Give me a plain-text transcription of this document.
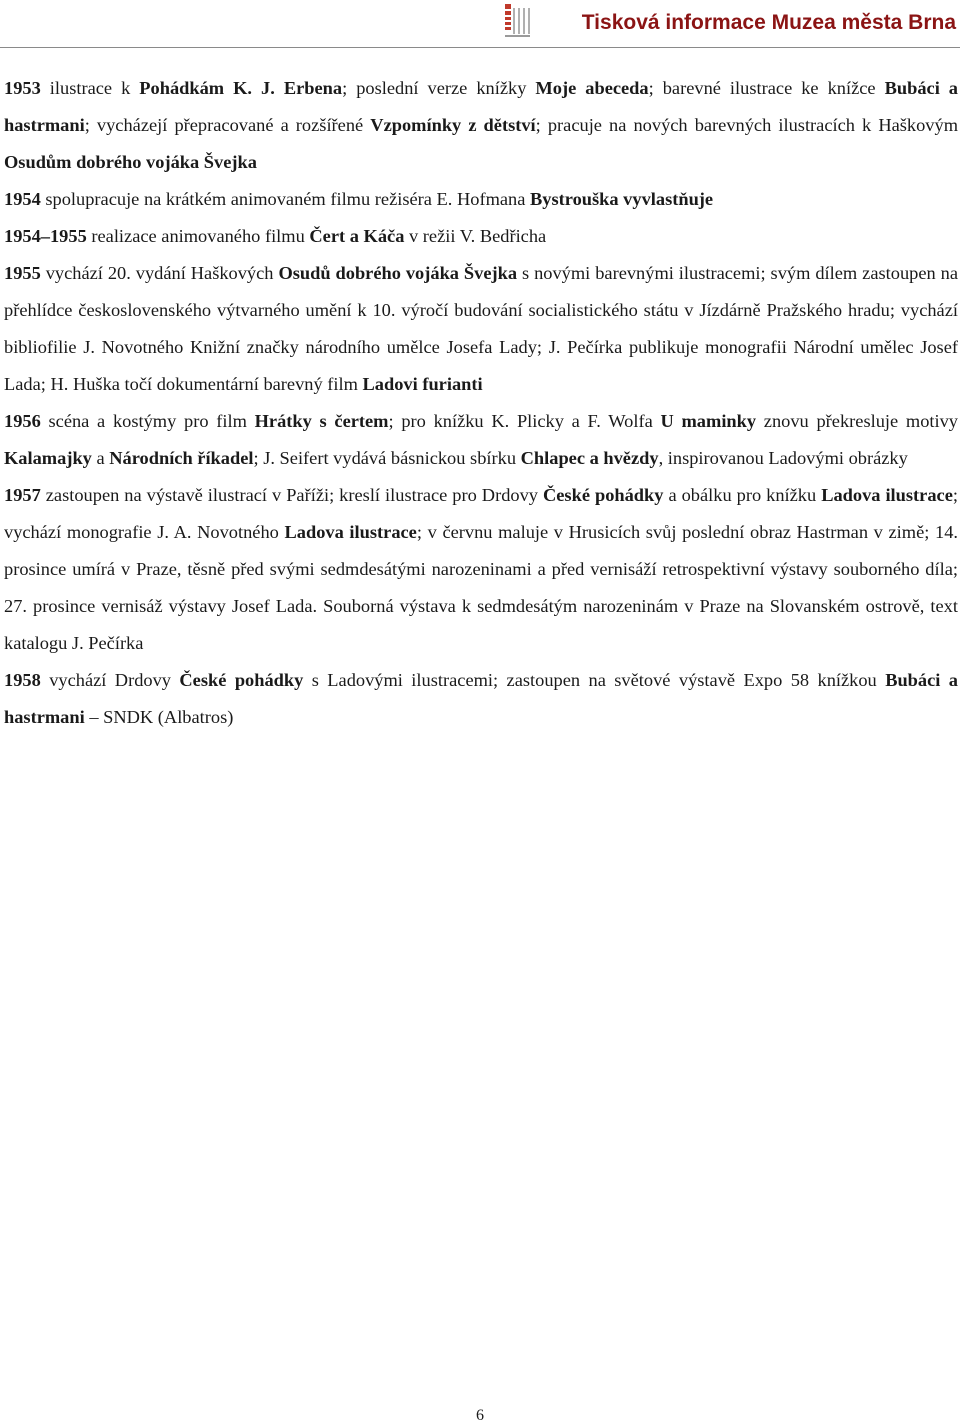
Tisková informace Muzea města Brna

1953 ilustrace k Pohádkám K. J. Erbena; poslední verze knížky Moje abeceda; barevné ilustrace ke knížce Bubáci a hastrmani; vycházejí přepracované a rozšířené Vzpomínky z dětství; pracuje na nových barevných ilustracích k Haškovým Osudům dobrého vojáka Švejka

1954 spolupracuje na krátkém animovaném filmu režiséra E. Hofmana Bystrouška vyvlastňuje

1954–1955 realizace animovaného filmu Čert a Káča v režii V. Bedřicha

1955 vychází 20. vydání Haškových Osudů dobrého vojáka Švejka s novými barevnými ilustracemi; svým dílem zastoupen na přehlídce československého výtvarného umění k 10. výročí budování socialistického státu v Jízdárně Pražského hradu; vychází bibliofilie J. Novotného Knižní značky národního umělce Josefa Lady; J. Pečírka publikuje monografii Národní umělec Josef Lada; H. Huška točí dokumentární barevný film Ladovi furianti

1956 scéna a kostýmy pro film Hrátky s čertem; pro knížku K. Plicky a F. Wolfa U maminky znovu překresluje motivy Kalamajky a Národních říkadel; J. Seifert vydává básnickou sbírku Chlapec a hvězdy, inspirovanou Ladovými obrázky

1957 zastoupen na výstavě ilustrací v Paříži; kreslí ilustrace pro Drdovy České pohádky a obálku pro knížku Ladova ilustrace; vychází monografie J. A. Novotného Ladova ilustrace; v červnu maluje v Hrusicích svůj poslední obraz Hastrman v zimě; 14. prosince umírá v Praze, těsně před svými sedmdesátými narozeninami a před vernisáží retrospektivní výstavy souborného díla; 27. prosince vernisáž výstavy Josef Lada. Souborná výstava k sedmdesátým narozeninám v Praze na Slovanském ostrově, text katalogu J. Pečírka

1958 vychází Drdovy České pohádky s Ladovými ilustracemi; zastoupen na světové výstavě Expo 58 knížkou Bubáci a hastrmani – SNDK (Albatros)

6
